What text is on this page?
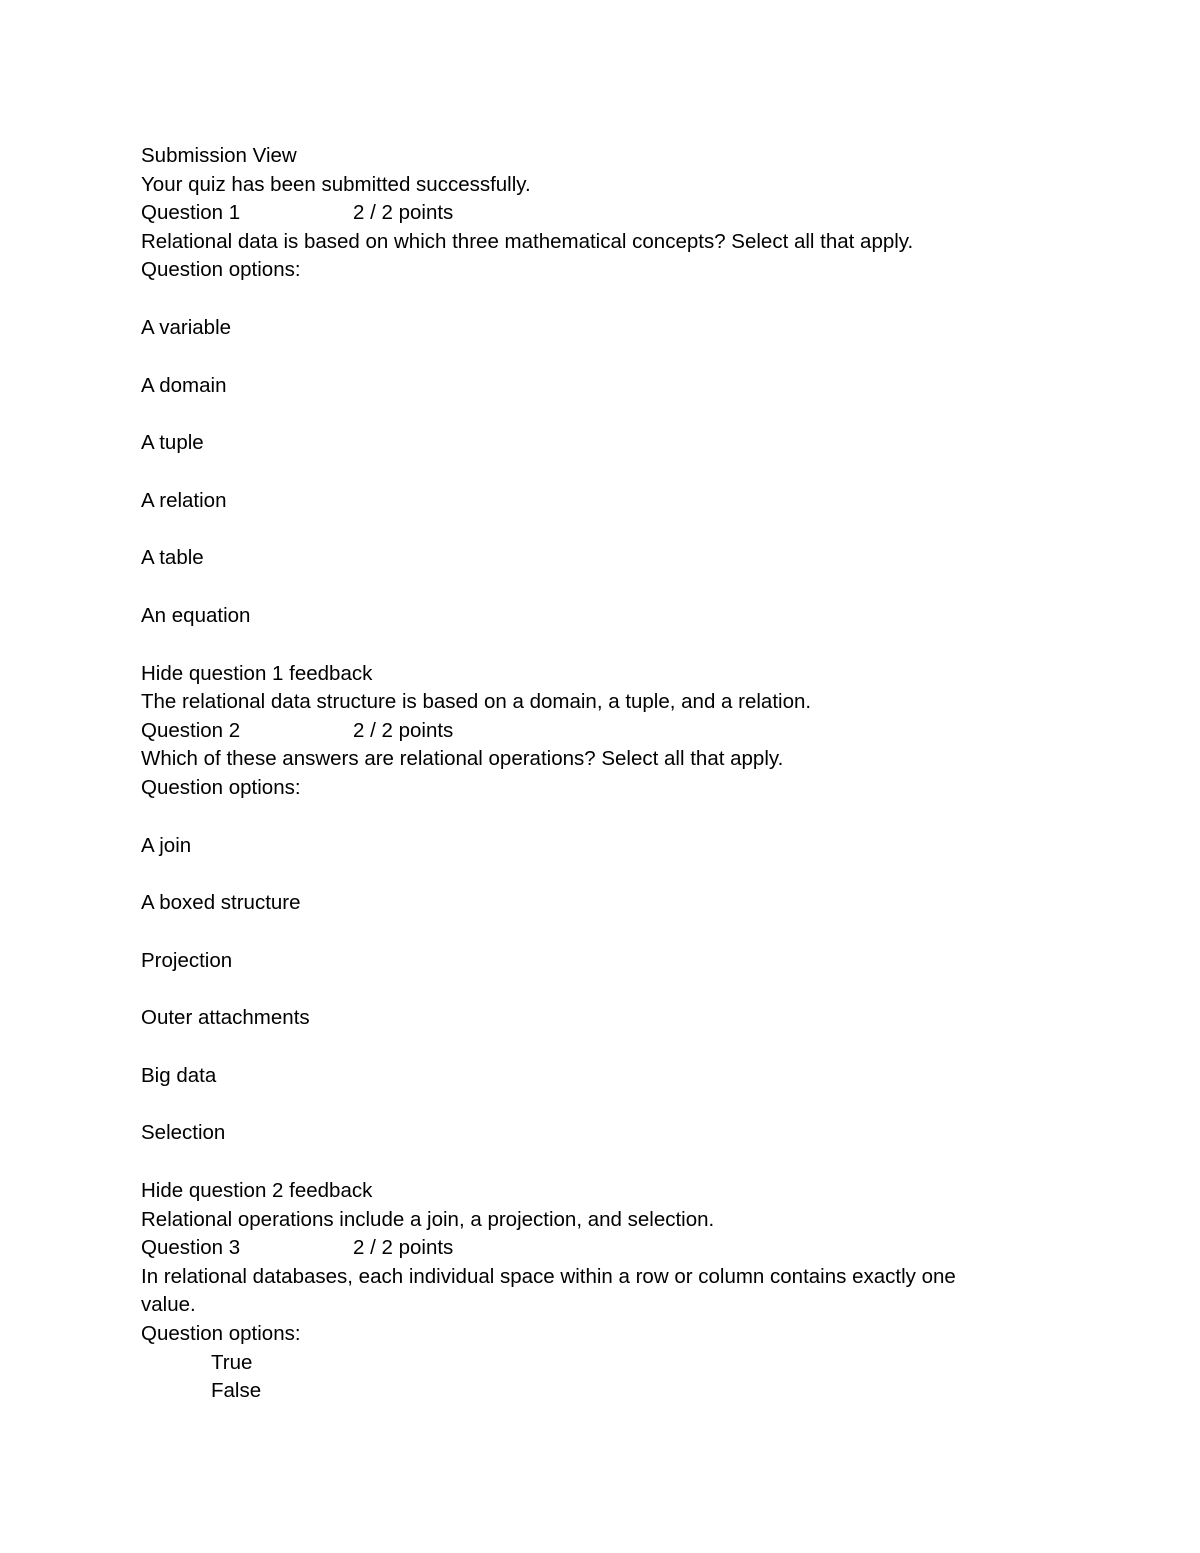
Submission View
Your quiz has been submitted successfully.
Question 1	2 / 2 points
Relational data is based on which three mathematical concepts? Select all that apply.
Question options:
A variable
A domain
A tuple
A relation
A table
An equation
Hide question 1 feedback
The relational data structure is based on a domain, a tuple, and a relation.
Question 2	2 / 2 points
Which of these answers are relational operations? Select all that apply.
Question options:
A join
A boxed structure
Projection
Outer attachments
Big data
Selection
Hide question 2 feedback
Relational operations include a join, a projection, and selection.
Question 3	2 / 2 points
In relational databases, each individual space within a row or column contains exactly one value.
Question options:
True
False
